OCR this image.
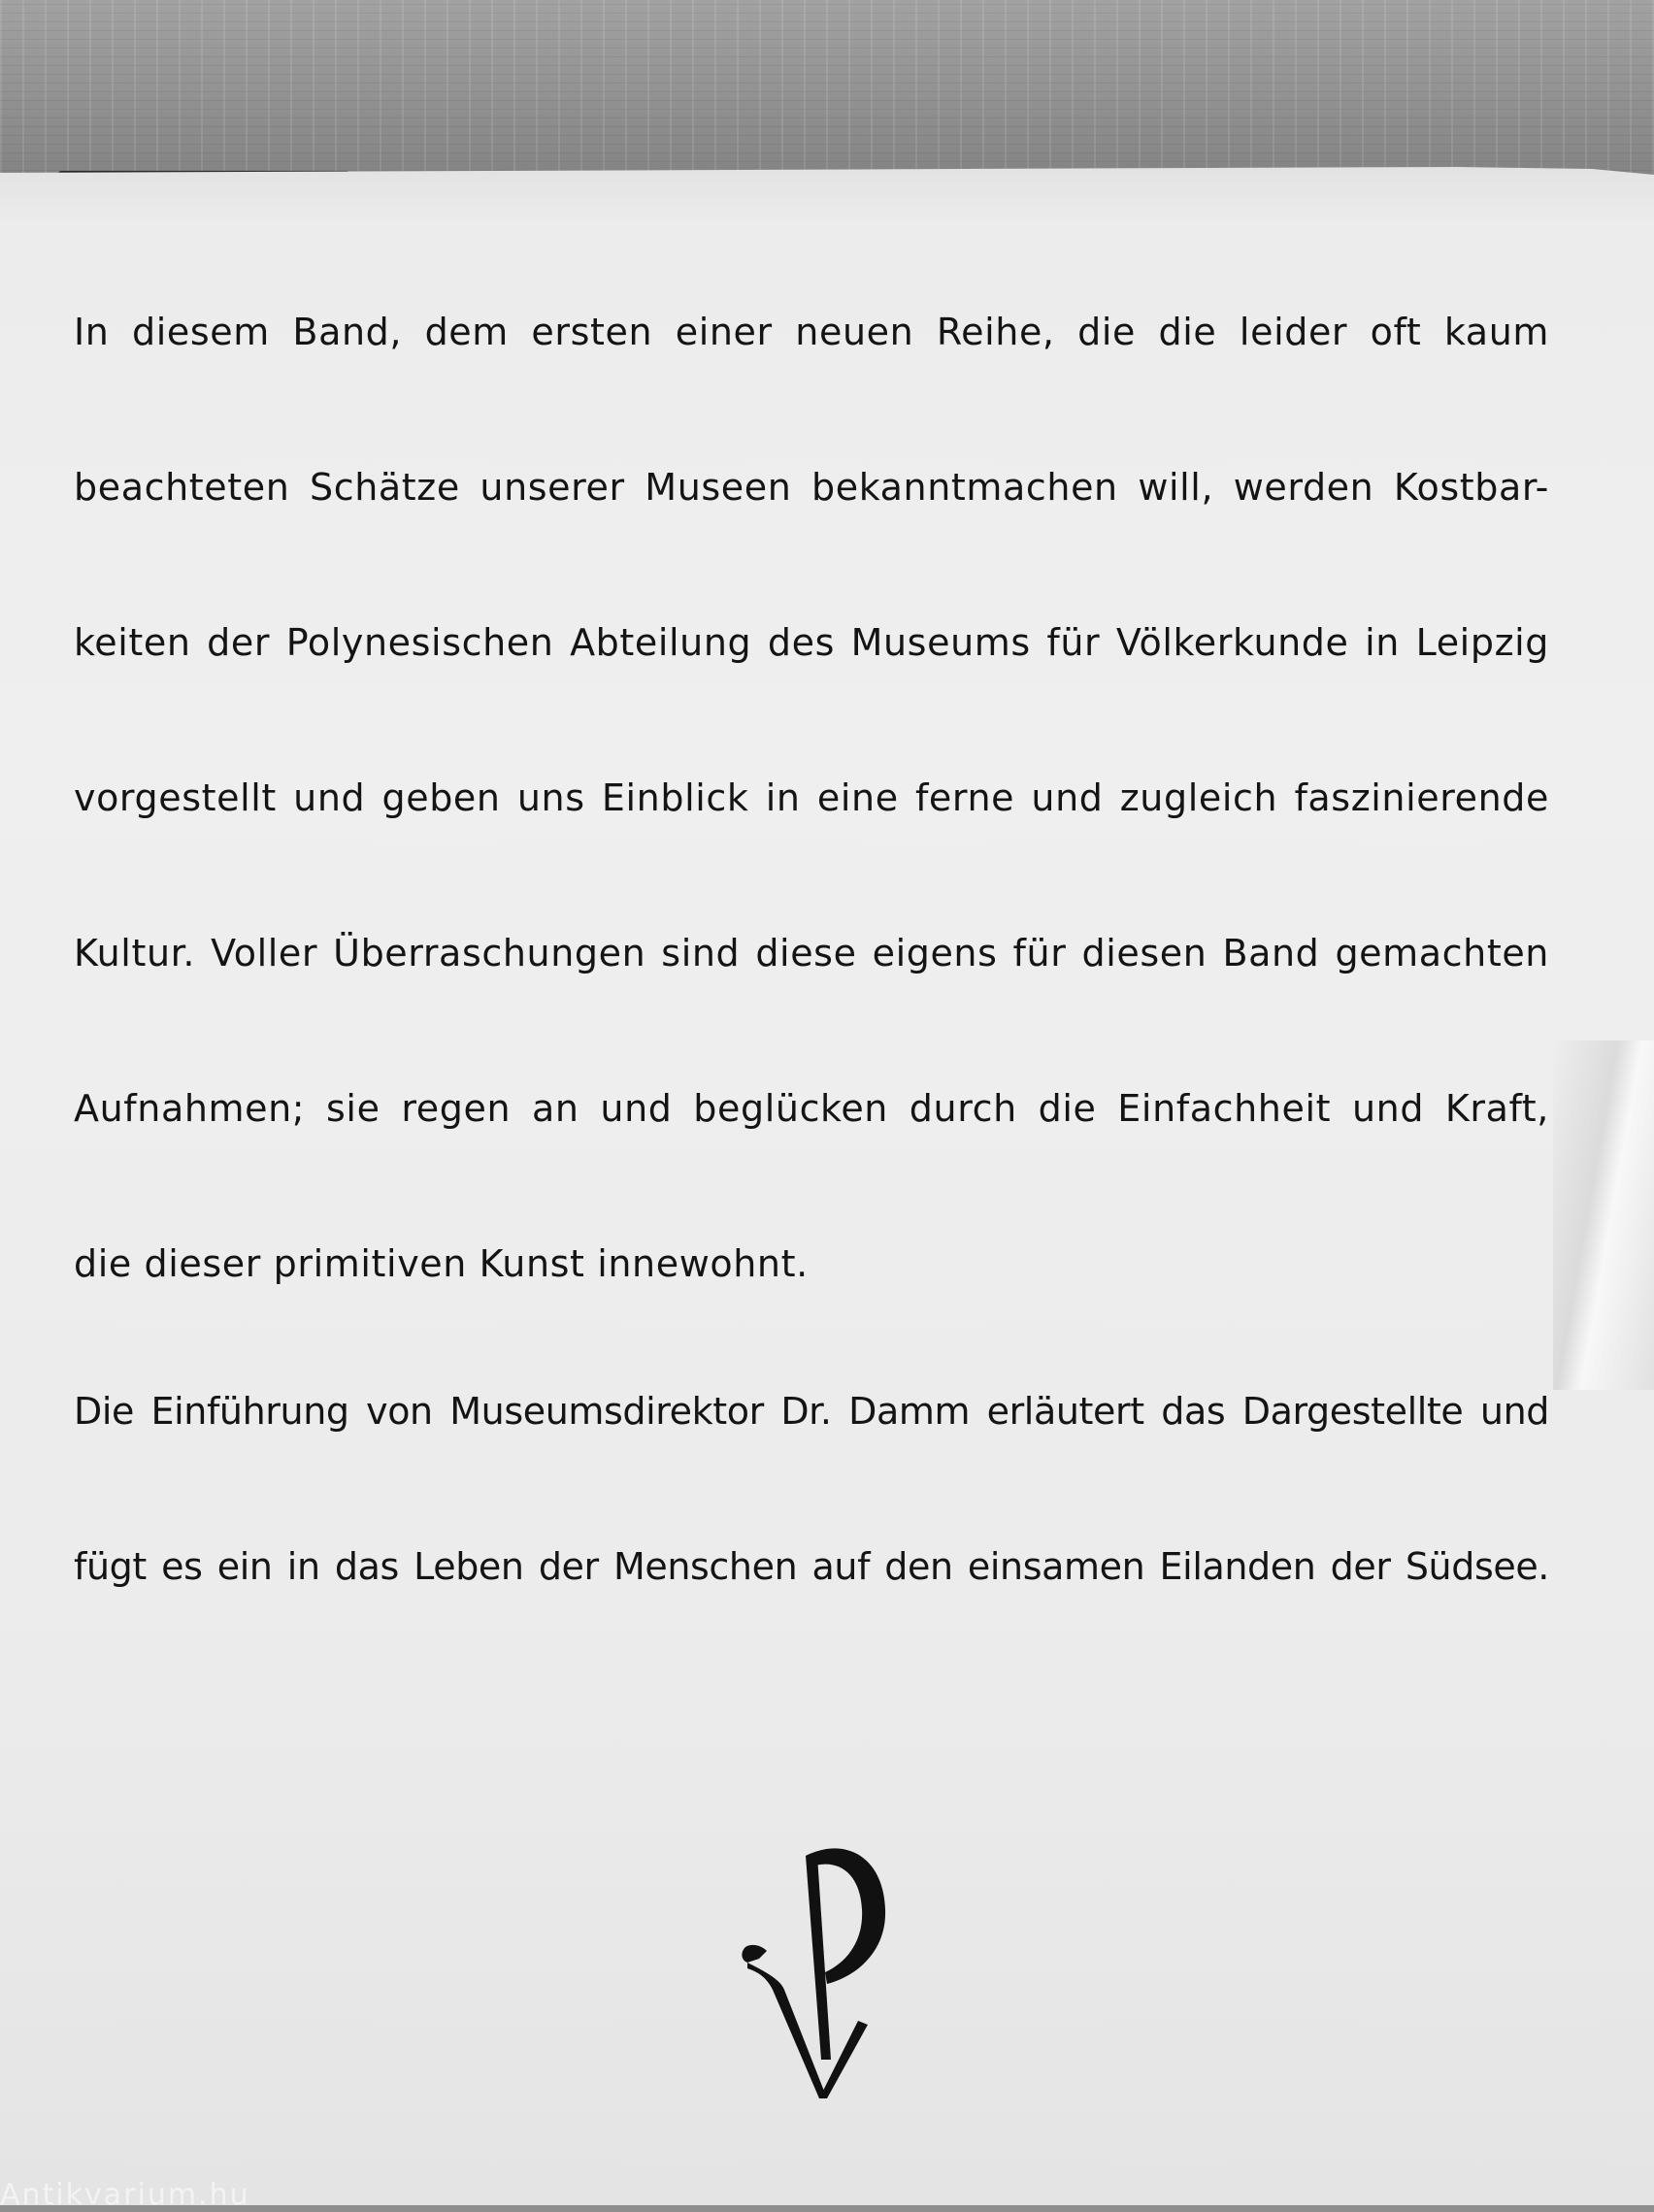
In diesem Band, dem ersten einer neuen Reihe, die die leider oft kaum
beachteten Schätze unserer Museen bekanntmachen will, werden Kostbar-
keiten der Polynesischen Abteilung des Museums für Völkerkunde in Leipzig
vorgestellt und geben uns Einblick in eine ferne und zugleich faszinierende
Kultur. Voller Überraschungen sind diese eigens für diesen Band gemachten
Aufnahmen; sie regen an und beglücken durch die Einfachheit und Kraft,
die dieser primitiven Kunst innewohnt.
Die Einführung von Museumsdirektor Dr. Damm erläutert das Dargestellte und
fügt es ein in das Leben der Menschen auf den einsamen Eilanden der Südsee.
Antikvarium.hu
